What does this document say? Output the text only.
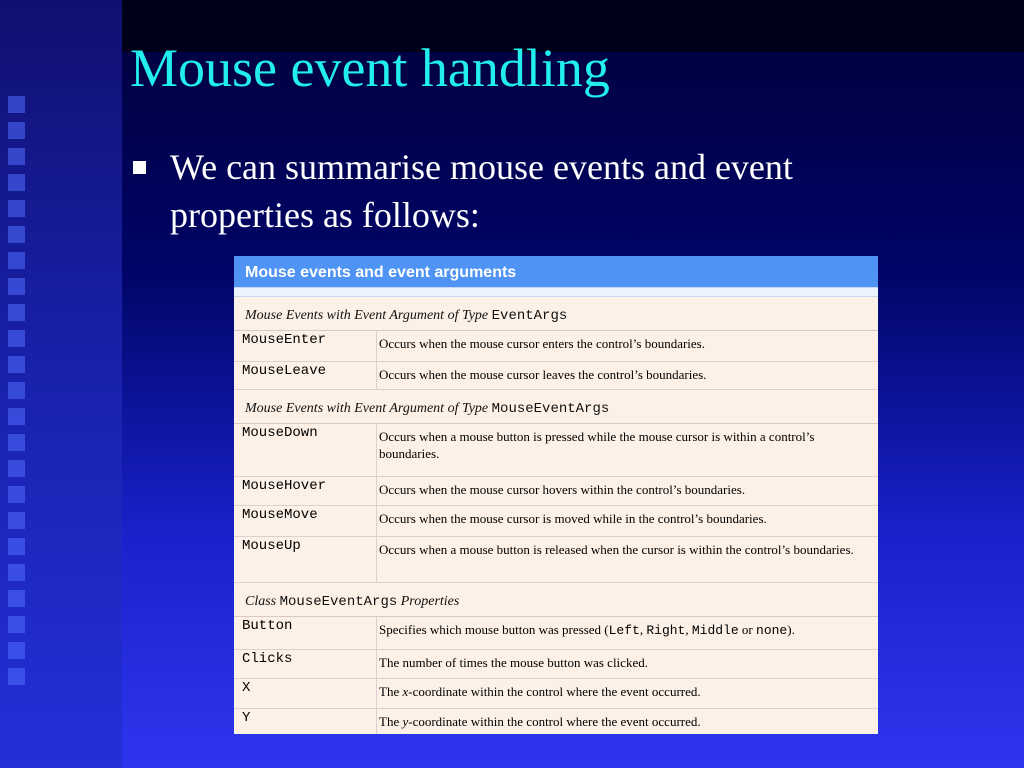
Mouse event handling
We can summarise mouse events and event properties as follows:
Mouse events and event arguments
Mouse Events with Event Argument of Type EventArgs
MouseEnter	Occurs when the mouse cursor enters the control’s boundaries.
MouseLeave	Occurs when the mouse cursor leaves the control’s boundaries.
Mouse Events with Event Argument of Type MouseEventArgs
MouseDown	Occurs when a mouse button is pressed while the mouse cursor is within a control’s boundaries.
MouseHover	Occurs when the mouse cursor hovers within the control’s boundaries.
MouseMove	Occurs when the mouse cursor is moved while in the control’s boundaries.
MouseUp	Occurs when a mouse button is released when the cursor is within the control’s boundaries.
Class MouseEventArgs Properties
Button	Specifies which mouse button was pressed (Left, Right, Middle or none).
Clicks	The number of times the mouse button was clicked.
X	The x-coordinate within the control where the event occurred.
Y	The y-coordinate within the control where the event occurred.
